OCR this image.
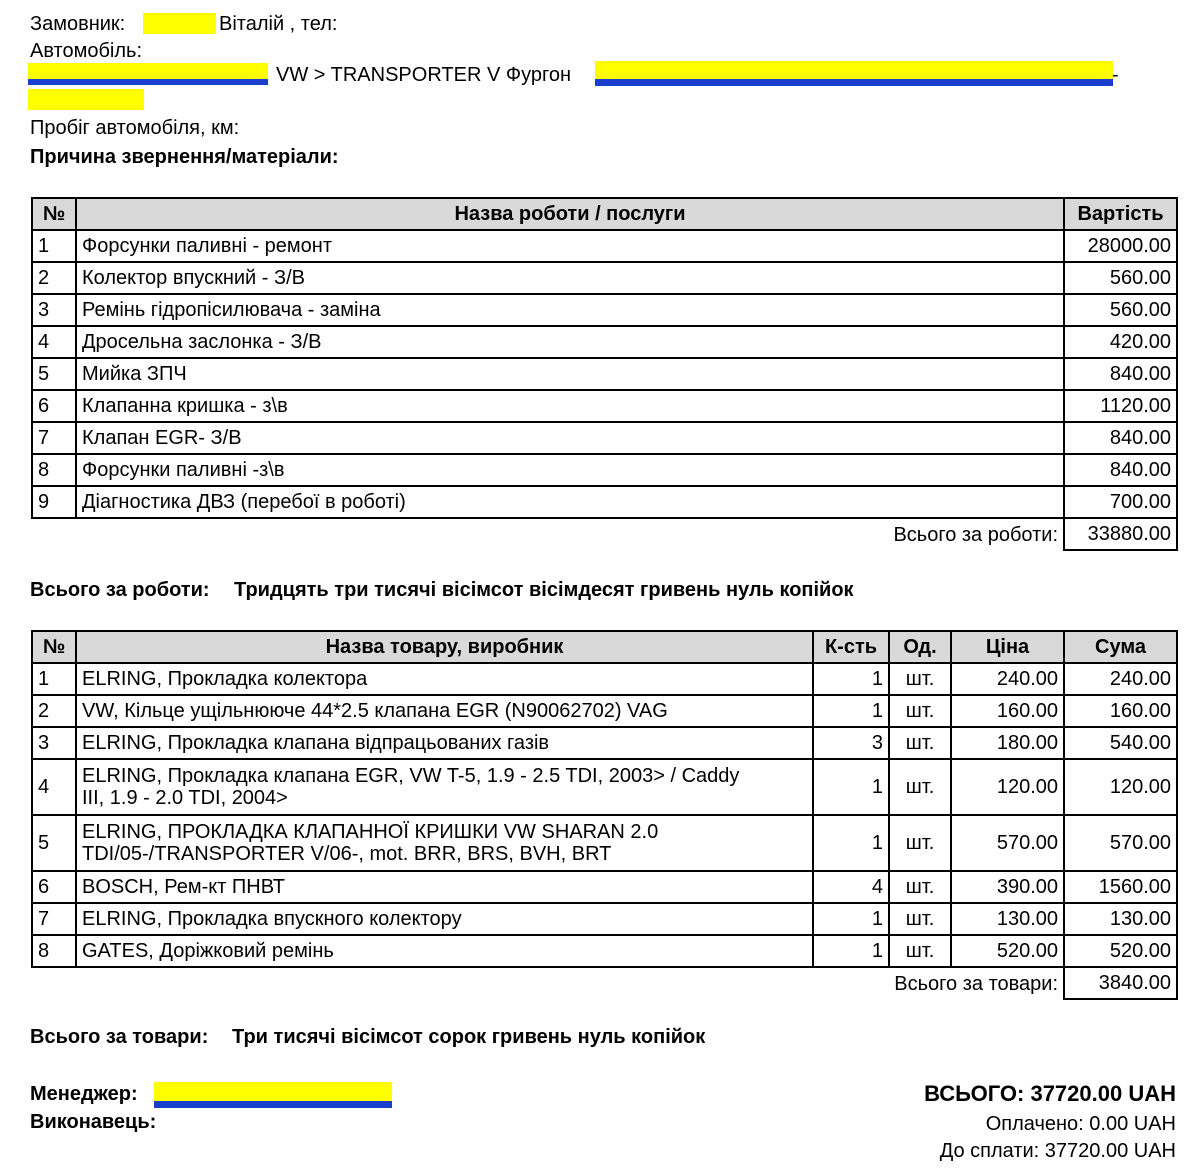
Замовник:	Віталій , тел:
Автомобіль:
VW > TRANSPORTER V Фургон	-
Пробіг автомобіля, км:
Причина звернення/матеріали:
№	Назва роботи / послуги	Вартість
1	Форсунки паливні - ремонт	28000.00
2	Колектор впускний - З/В	560.00
3	Ремінь гідропісилювача - заміна	560.00
4	Дросельна заслонка - З/В	420.00
5	Мийка ЗПЧ	840.00
6	Клапанна кришка - з\в	1120.00
7	Клапан EGR- З/В	840.00
8	Форсунки паливні -з\в	840.00
9	Діагностика ДВЗ (перебої в роботі)	700.00
	Всього за роботи:	33880.00
Всього за роботи: Тридцять три тисячі вісімсот вісімдесят гривень нуль копійок
№	Назва товару, виробник	К-сть	Од.	Ціна	Сума
1	ELRING, Прокладка колектора	1	шт.	240.00	240.00
2	VW, Кільце ущільнююче 44*2.5 клапана EGR (N90062702) VAG	1	шт.	160.00	160.00
3	ELRING, Прокладка клапана відпрацьованих газів	3	шт.	180.00	540.00
4	ELRING, Прокладка клапана EGR, VW T-5, 1.9 - 2.5 TDI, 2003> / Caddy
III, 1.9 - 2.0 TDI, 2004>	1	шт.	120.00	120.00
5	ELRING, ПРОКЛАДКА КЛАПАННОЇ КРИШКИ VW SHARAN 2.0
TDI/05-/TRANSPORTER V/06-, mot. BRR, BRS, BVH, BRT	1	шт.	570.00	570.00
6	BOSCH, Рем-кт ПНВТ	4	шт.	390.00	1560.00
7	ELRING, Прокладка впускного колектору	1	шт.	130.00	130.00
8	GATES, Доріжковий ремінь	1	шт.	520.00	520.00
	Всього за товари:				3840.00
Всього за товари: Три тисячі вісімсот сорок гривень нуль копійок
Менеджер:
Виконавець:
ВСЬОГО: 37720.00 UAH
Оплачено: 0.00 UAH
До сплати: 37720.00 UAH
